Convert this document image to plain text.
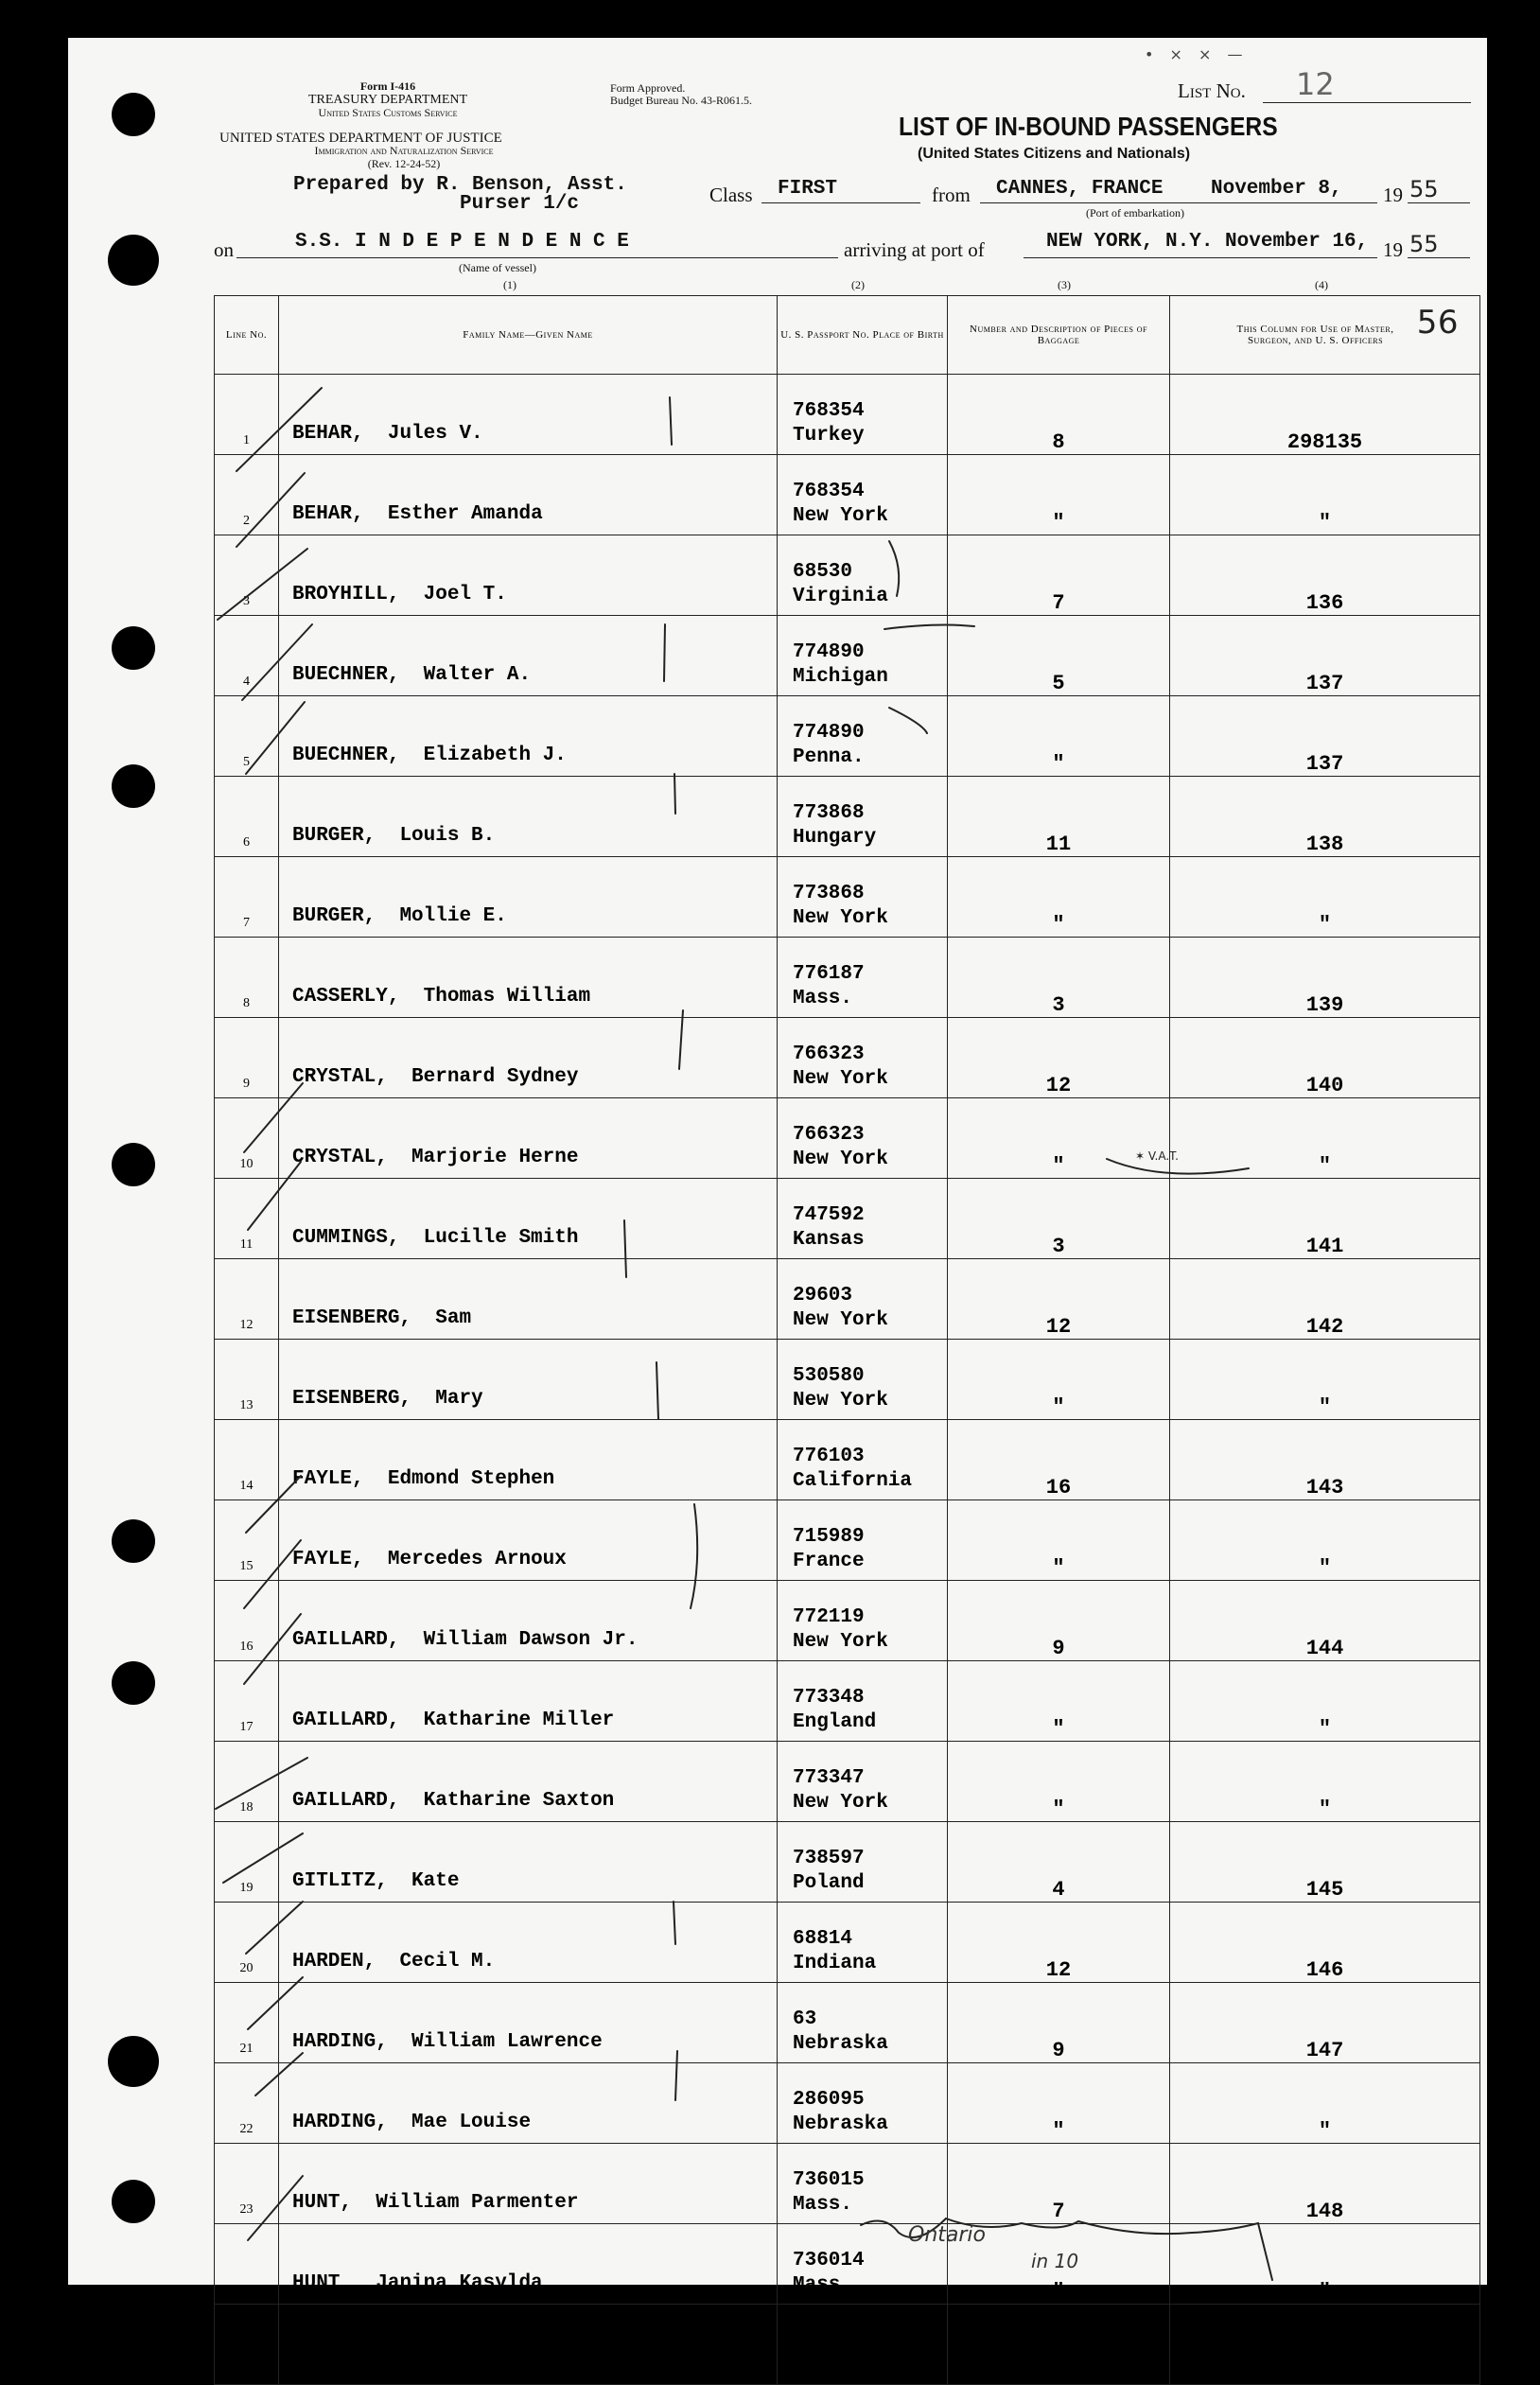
Form I-416
TREASURY DEPARTMENT
United States Customs Service
UNITED STATES DEPARTMENT OF JUSTICE
Immigration and Naturalization Service
(Rev. 12-24-52)
Form Approved.
Budget Bureau No. 43-R061.5.	List No. 12
• × × —
LIST OF IN-BOUND PASSENGERS
(United States Citizens and Nationals)
Prepared by R. Benson, Asst.
Purser 1/c	Class FIRST	from CANNES, FRANCE November 8, 19 55
(Port of embarkation)
on	S.S. I N D E P E N D E N C E
(Name of vessel)
arriving at port of	NEW YORK, N.Y. November 16, 19 55
(1)	(2)	(3)	(4)
Line No.	Family Name—Given Name	U. S. Passport No. Place of Birth	Number and Description of Pieces of Baggage	This Column for Use of Master, Surgeon, and U. S. Officers 56

1	BEHAR, Jules V.	768354
Turkey	8	298135
2	BEHAR, Esther Amanda	768354
New York	"	"
3	BROYHILL, Joel T.	68530
Virginia	7	136
4	BUECHNER, Walter A.	774890
Michigan	5	137
5	BUECHNER, Elizabeth J.	774890
Penna.	"	137
6	BURGER, Louis B.	773868
Hungary	11	138
7	BURGER, Mollie E.	773868
New York	"	"
8	CASSERLY, Thomas William	776187
Mass.	3	139
9	CRYSTAL, Bernard Sydney	766323
New York	12	140
10	CRYSTAL, Marjorie Herne	766323
New York	"	"
11	CUMMINGS, Lucille Smith	747592
Kansas	3	141
12	EISENBERG, Sam	29603
New York	12	142
13	EISENBERG, Mary	530580
New York	"	"
14	FAYLE, Edmond Stephen	776103
California	16	143
15	FAYLE, Mercedes Arnoux	715989
France	"	"
16	GAILLARD, William Dawson Jr.	772119
New York	9	144
17	GAILLARD, Katharine Miller	773348
England	"	"
18	GAILLARD, Katharine Saxton	773347
New York	"	"
19	GITLITZ, Kate	738597
Poland	4	145
20	HARDEN, Cecil M.	68814
Indiana	12	146
21	HARDING, William Lawrence	63
Nebraska	9	147
22	HARDING, Mae Louise	286095
Nebraska	"	"
23	HUNT, William Parmenter	736015
Mass.	7	148
24	HUNT, Janina Kasylda	736014
Mass.	"	"
25	JOYCE, Joanna K. Bray	1816
Penna.		149
✶ V.A.T.
Ontario
in 10
